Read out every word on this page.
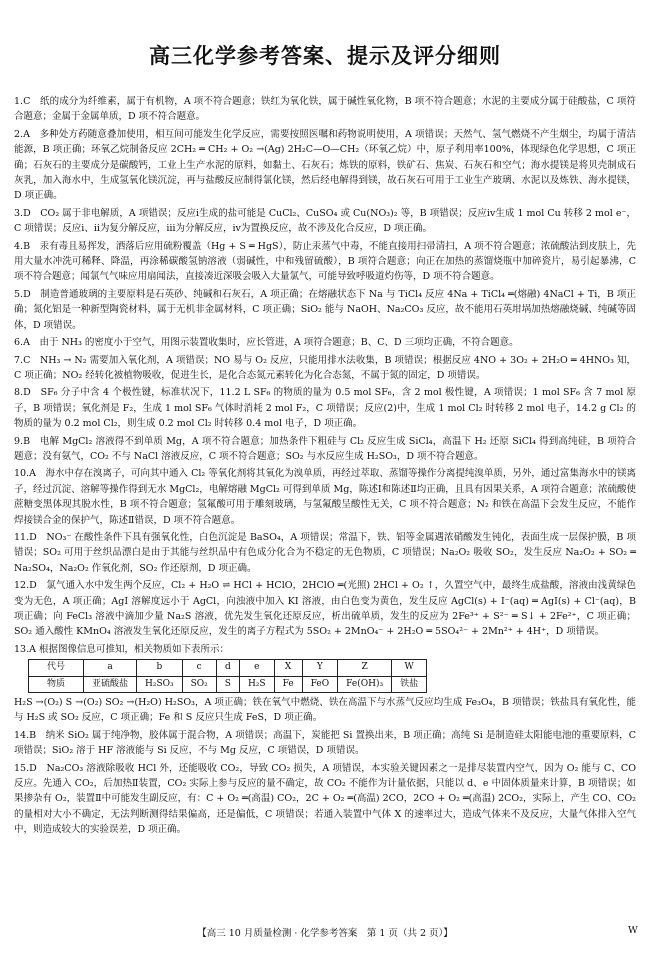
高三化学参考答案、提示及评分细则
1.C　 纸的成分为纤维素，属于有机物，A 项不符合题意；铁红为氧化铁，属于碱性氧化物，B 项不符合题意；水泥的主要成分属于硅酸盐，C 项符合题意；金属于金属单质，D 项不符合题意。
2.A　 多种处方药随意叠加使用，相互间可能发生化学反应，需要按照医嘱和药物说明使用，A 项错误；天然气、氢气燃烧不产生烟尘，均属于清洁能源，B 项正确；环氧乙烷制备反应 2CH₂ ═ CH₂ + O₂ →(Ag) 2H₂C—O—CH₂（环氧乙烷）中，原子利用率100%，体现绿色化学思想，C 项正确；石灰石的主要成分是碳酸钙，工业上生产水泥的原料，如黏土、石灰石；炼铁的原料，铁矿石、焦炭、石灰石和空气；海水提镁是将贝壳制成石灰乳，加入海水中，生成氢氧化镁沉淀，再与盐酸反应制得氯化镁，然后经电解得到镁，故石灰石可用于工业生产玻璃、水泥以及炼铁、海水提镁，D 项正确。
3.D　 CO₂ 属于非电解质，A 项错误；反应ⅰ生成的盐可能是 CuCl₂、CuSO₄ 或 Cu(NO₃)₂ 等，B 项错误；反应ⅳ生成 1 mol Cu 转移 2 mol e⁻，C 项错误；反应ⅰ、ⅱ为复分解反应，ⅲ为分解反应，ⅳ为置换反应，故不涉及化合反应，D 项正确。
4.B　 汞有毒且易挥发，洒落后应用硫粉覆盖（Hg + S ═ HgS），防止汞蒸气中毒，不能直接用扫帚清扫，A 项不符合题意；浓硫酸沾到皮肤上，先用大量水冲洗可稀释、降温，再涂稀碳酸氢钠溶液（弱碱性，中和残留硫酸），B 项符合题意；向正在加热的蒸馏烧瓶中加碎瓷片，易引起暴沸，C 项不符合题意；闻氯气气味应用扇闻法，直接凑近深吸会吸入大量氯气，可能导致呼吸道灼伤等，D 项不符合题意。
5.D　 制造普通玻璃的主要原料是石英砂、纯碱和石灰石，A 项正确；在熔融状态下 Na 与 TiCl₄ 反应 4Na + TiCl₄ ═(熔融) 4NaCl + Ti，B 项正确；氮化铝是一种新型陶瓷材料，属于无机非金属材料，C 项正确；SiO₂ 能与 NaOH、Na₂CO₃ 反应，故不能用石英坩埚加热熔融烧碱、纯碱等固体，D 项错误。
6.A　 由于 NH₃ 的密度小于空气，用图示装置收集时，应长管进，A 项符合题意；B、C、D 三项均正确，不符合题意。
7.C　 NH₃ → N₂ 需要加入氧化剂，A 项错误；NO 易与 O₂ 反应，只能用排水法收集，B 项错误；根据反应 4NO + 3O₂ + 2H₂O ═ 4HNO₃ 知，C 项正确；NO₂ 经转化被植物吸收，促进生长，是化合态氮元素转化为化合态氮，不属于氮的固定，D 项错误。
8.D　 SF₆ 分子中含 4 个极性键，标准状况下，11.2 L SF₆ 的物质的量为 0.5 mol SF₆，含 2 mol 极性键，A 项错误；1 mol SF₆ 含 7 mol 原子，B 项错误；氧化剂是 F₂，生成 1 mol SF₆ 气体时消耗 2 mol F₂，C 项错误；反应(2)中，生成 1 mol Cl₂ 时转移 2 mol 电子，14.2 g Cl₂ 的物质的量为 0.2 mol Cl₂，则生成 0.2 mol Cl₂ 时转移 0.4 mol 电子，D 项正确。
9.B　 电解 MgCl₂ 溶液得不到单质 Mg，A 项不符合题意；加热条件下粗硅与 Cl₂ 反应生成 SiCl₄，高温下 H₂ 还原 SiCl₄ 得到高纯硅，B 项符合题意；没有氨气，CO₂ 不与 NaCl 溶液反应，C 项不符合题意；SO₂ 与水反应生成 H₂SO₃，D 项不符合题意。
10.A　 海水中存在溴离子，可向其中通入 Cl₂ 等氧化剂将其氧化为溴单质，再经过萃取、蒸馏等操作分离提纯溴单质，另外，通过富集海水中的镁离子，经过沉淀、溶解等操作得到无水 MgCl₂，电解熔融 MgCl₂ 可得到单质 Mg，陈述Ⅰ和陈述Ⅱ均正确，且具有因果关系，A 项符合题意；浓硫酸使蔗糖变黑体现其脱水性，B 项不符合题意；氢氟酸可用于雕刻玻璃，与氢氟酸呈酸性无关，C 项不符合题意；N₂ 和铁在高温下会发生反应，不能作焊接镁合金的保护气，陈述Ⅱ错误，D 项不符合题意。
11.D　 NO₃⁻ 在酸性条件下具有强氧化性，白色沉淀是 BaSO₄，A 项错误；常温下，铁、铝等金属遇浓硝酸发生钝化，表面生成一层保护膜，B 项错误；SO₂ 可用于丝织品漂白是由于其能与丝织品中有色成分化合为不稳定的无色物质，C 项错误；Na₂O₂ 吸收 SO₂，发生反应 Na₂O₂ + SO₂ ═ Na₂SO₄，Na₂O₂ 作氧化剂，SO₂ 作还原剂，D 项正确。
12.D　 氯气通入水中发生两个反应，Cl₂ + H₂O ⇌ HCl + HClO，2HClO ═(光照) 2HCl + O₂ ↑，久置空气中，最终生成盐酸，溶液由浅黄绿色变为无色，A 项正确；AgI 溶解度远小于 AgCl，向浊液中加入 KI 溶液，由白色变为黄色，发生反应 AgCl(s) + I⁻(aq) ═ AgI(s) + Cl⁻(aq)，B 项正确；向 FeCl₃ 溶液中滴加少量 Na₂S 溶液，优先发生氧化还原反应，析出硫单质，发生的反应为 2Fe³⁺ + S²⁻ ═ S↓ + 2Fe²⁺，C 项正确；SO₂ 通入酸性 KMnO₄ 溶液发生氧化还原反应，发生的离子方程式为 5SO₂ + 2MnO₄⁻ + 2H₂O ═ 5SO₄²⁻ + 2Mn²⁺ + 4H⁺，D 项错误。
13.A 根据图像信息可推知，相关物质如下表所示：
代号	a	b	c	d	e	X	Y	Z	W
物质	亚硫酸盐	H₂SO₃	SO₂	S	H₂S	Fe	FeO	Fe(OH)₃	铁盐
H₂S →(O₂) S →(O₂) SO₂ →(H₂O) H₂SO₃，A 项正确；铁在氧气中燃烧、铁在高温下与水蒸气反应均生成 Fe₃O₄，B 项错误；铁盐具有氧化性，能与 H₂S 或 SO₂ 反应，C 项正确；Fe 和 S 反应只生成 FeS，D 项正确。
14.B　 纳米 SiO₂ 属于纯净物，胶体属于混合物，A 项错误；高温下，炭能把 Si 置换出来，B 项正确；高纯 Si 是制造硅太阳能电池的重要原料，C 项错误；SiO₂ 溶于 HF 溶液能与 Si 反应，不与 Mg 反应，C 项错误，D 项错误。
15.D　 Na₂CO₃ 溶液除吸收 HCl 外，还能吸收 CO₂，导致 CO₂ 损失，A 项错误，本实验关键因素之一是排尽装置内空气，因为 O₂ 能与 C、CO 反应。先通入 CO₂，后加热Ⅱ装置，CO₂ 实际上参与反应的量不确定，故 CO₂ 不能作为计量依据，只能以 d、e 中固体质量来计算，B 项错误；如果掺杂有 O₂，装置Ⅱ中可能发生副反应，有：C + O₂ ═(高温) CO₂，2C + O₂ ═(高温) 2CO，2CO + O₂ ═(高温) 2CO₂，实际上，产生 CO、CO₂ 的量相对大小不确定，无法判断测得结果偏高，还是偏低，C 项错误；若通入装置中气体 X 的速率过大，造成气体来不及反应，大量气体排入空气中，则造成较大的实验误差，D 项正确。
【高三 10 月质量检测 · 化学参考答案　第 1 页（共 2 页）】	W
